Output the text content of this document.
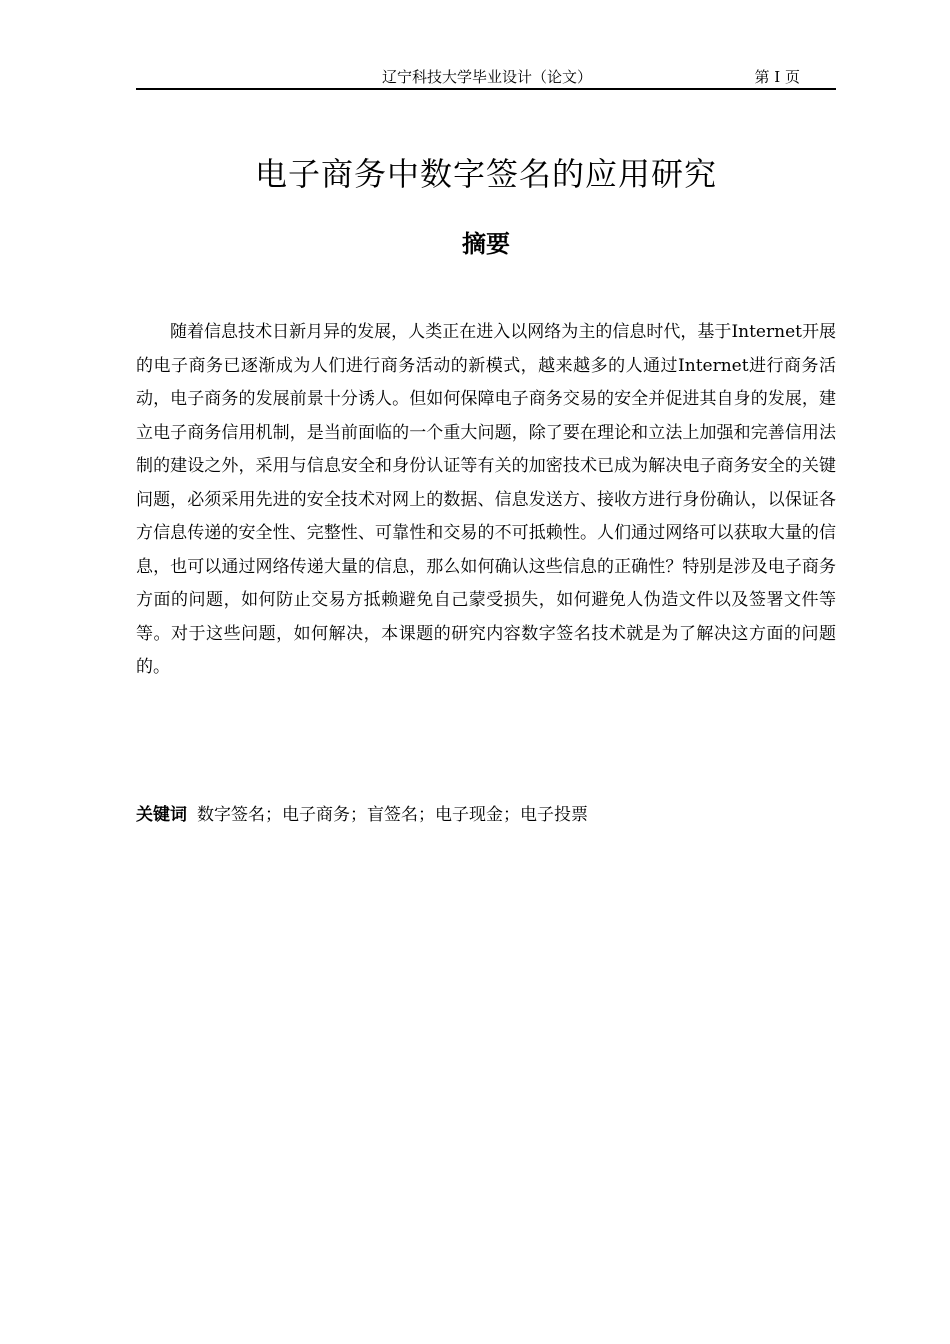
辽宁科技大学毕业设计（论文）	第 I 页
电子商务中数字签名的应用研究
摘要

随着信息技术日新月异的发展，人类正在进入以网络为主的信息时代，基于Internet开展的电子商务已逐渐成为人们进行商务活动的新模式，越来越多的人通过Internet进行商务活动，电子商务的发展前景十分诱人。但如何保障电子商务交易的安全并促进其自身的发展，建立电子商务信用机制，是当前面临的一个重大问题，除了要在理论和立法上加强和完善信用法制的建设之外，采用与信息安全和身份认证等有关的加密技术已成为解决电子商务安全的关键问题，必须采用先进的安全技术对网上的数据、信息发送方、接收方进行身份确认，以保证各方信息传递的安全性、完整性、可靠性和交易的不可抵赖性。人们通过网络可以获取大量的信息，也可以通过网络传递大量的信息，那么如何确认这些信息的正确性？特别是涉及电子商务方面的问题，如何防止交易方抵赖避免自己蒙受损失，如何避免人伪造文件以及签署文件等等。对于这些问题，如何解决，本课题的研究内容数字签名技术就是为了解决这方面的问题的。

关键词 数字签名；电子商务；盲签名；电子现金；电子投票
